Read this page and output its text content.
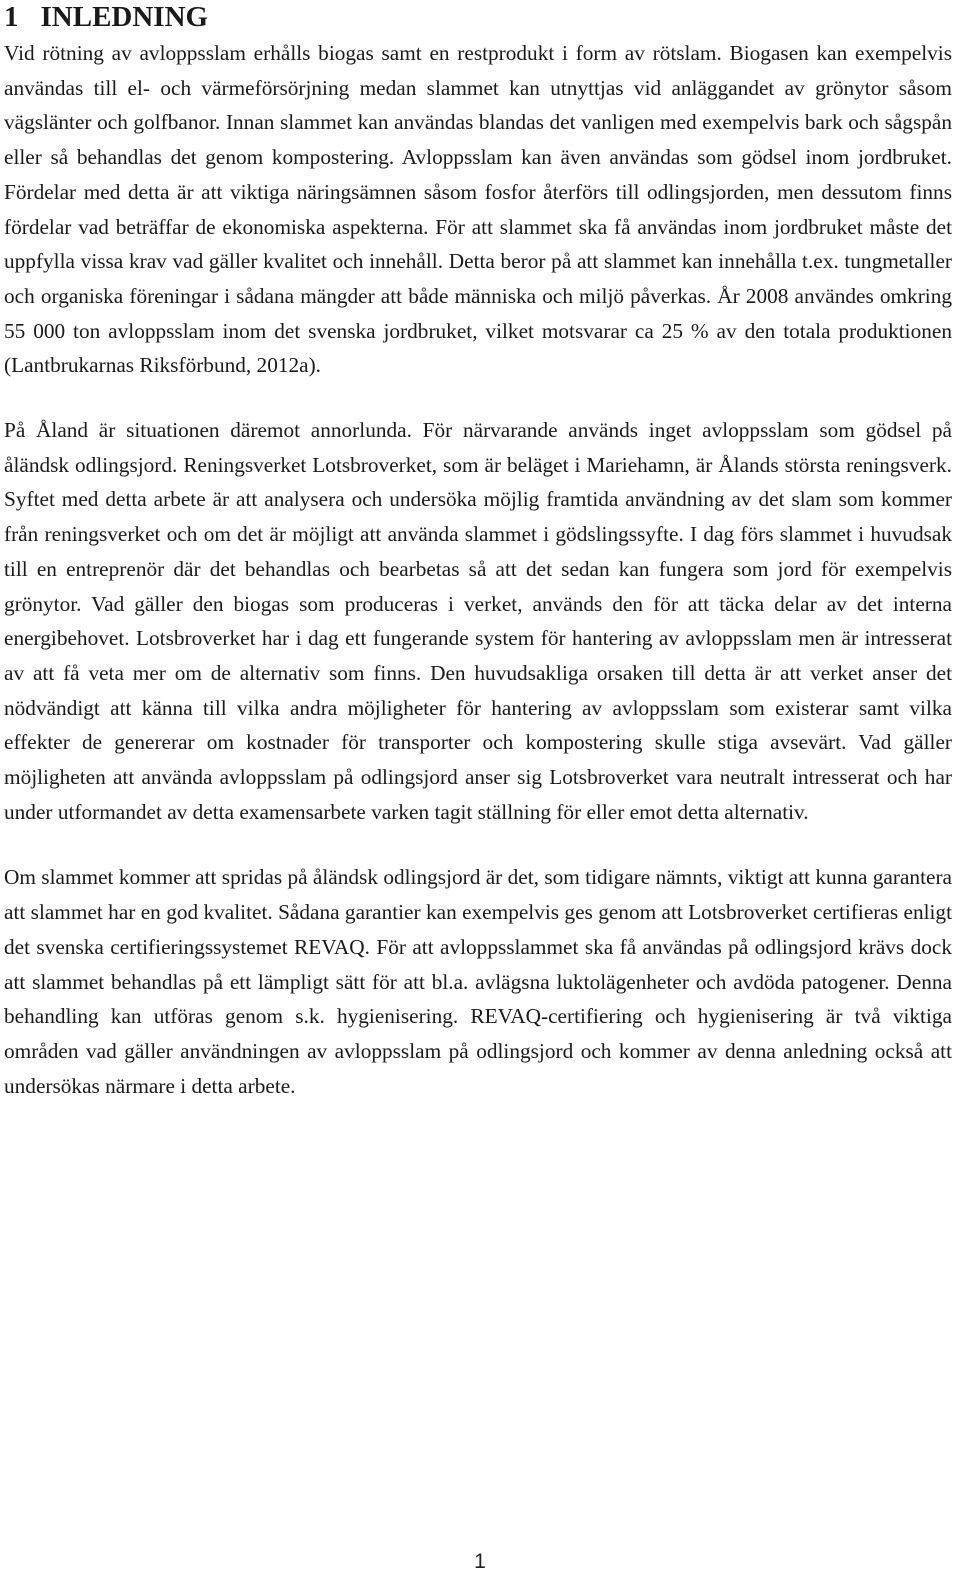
1 INLEDNING

Vid rötning av avloppsslam erhålls biogas samt en restprodukt i form av rötslam. Biogasen kan exempelvis användas till el- och värmeförsörjning medan slammet kan utnyttjas vid anläggandet av grönytor såsom vägslänter och golfbanor. Innan slammet kan användas blandas det vanligen med exempelvis bark och sågspån eller så behandlas det genom kompostering. Avloppsslam kan även användas som gödsel inom jordbruket. Fördelar med detta är att viktiga näringsämnen såsom fosfor återförs till odlingsjorden, men dessutom finns fördelar vad beträffar de ekonomiska aspekterna. För att slammet ska få användas inom jordbruket måste det uppfylla vissa krav vad gäller kvalitet och innehåll. Detta beror på att slammet kan innehålla t.ex. tungmetaller och organiska föreningar i sådana mängder att både människa och miljö påverkas. År 2008 användes omkring 55 000 ton avloppsslam inom det svenska jordbruket, vilket motsvarar ca 25 % av den totala produktionen (Lantbrukarnas Riksförbund, 2012a).

På Åland är situationen däremot annorlunda. För närvarande används inget avloppsslam som gödsel på åländsk odlingsjord. Reningsverket Lotsbroverket, som är beläget i Mariehamn, är Ålands största reningsverk. Syftet med detta arbete är att analysera och undersöka möjlig framtida användning av det slam som kommer från reningsverket och om det är möjligt att använda slammet i gödslingssyfte. I dag förs slammet i huvudsak till en entreprenör där det behandlas och bearbetas så att det sedan kan fungera som jord för exempelvis grönytor. Vad gäller den biogas som produceras i verket, används den för att täcka delar av det interna energibehovet. Lotsbroverket har i dag ett fungerande system för hantering av avloppsslam men är intresserat av att få veta mer om de alternativ som finns. Den huvudsakliga orsaken till detta är att verket anser det nödvändigt att känna till vilka andra möjligheter för hantering av avloppsslam som existerar samt vilka effekter de genererar om kostnader för transporter och kompostering skulle stiga avsevärt. Vad gäller möjligheten att använda avloppsslam på odlingsjord anser sig Lotsbroverket vara neutralt intresserat och har under utformandet av detta examensarbete varken tagit ställning för eller emot detta alternativ.

Om slammet kommer att spridas på åländsk odlingsjord är det, som tidigare nämnts, viktigt att kunna garantera att slammet har en god kvalitet. Sådana garantier kan exempelvis ges genom att Lotsbroverket certifieras enligt det svenska certifieringssystemet REVAQ. För att avloppsslammet ska få användas på odlingsjord krävs dock att slammet behandlas på ett lämpligt sätt för att bl.a. avlägsna luktolägenheter och avdöda patogener. Denna behandling kan utföras genom s.k. hygienisering. REVAQ-certifiering och hygienisering är två viktiga områden vad gäller användningen av avloppsslam på odlingsjord och kommer av denna anledning också att undersökas närmare i detta arbete.

1
